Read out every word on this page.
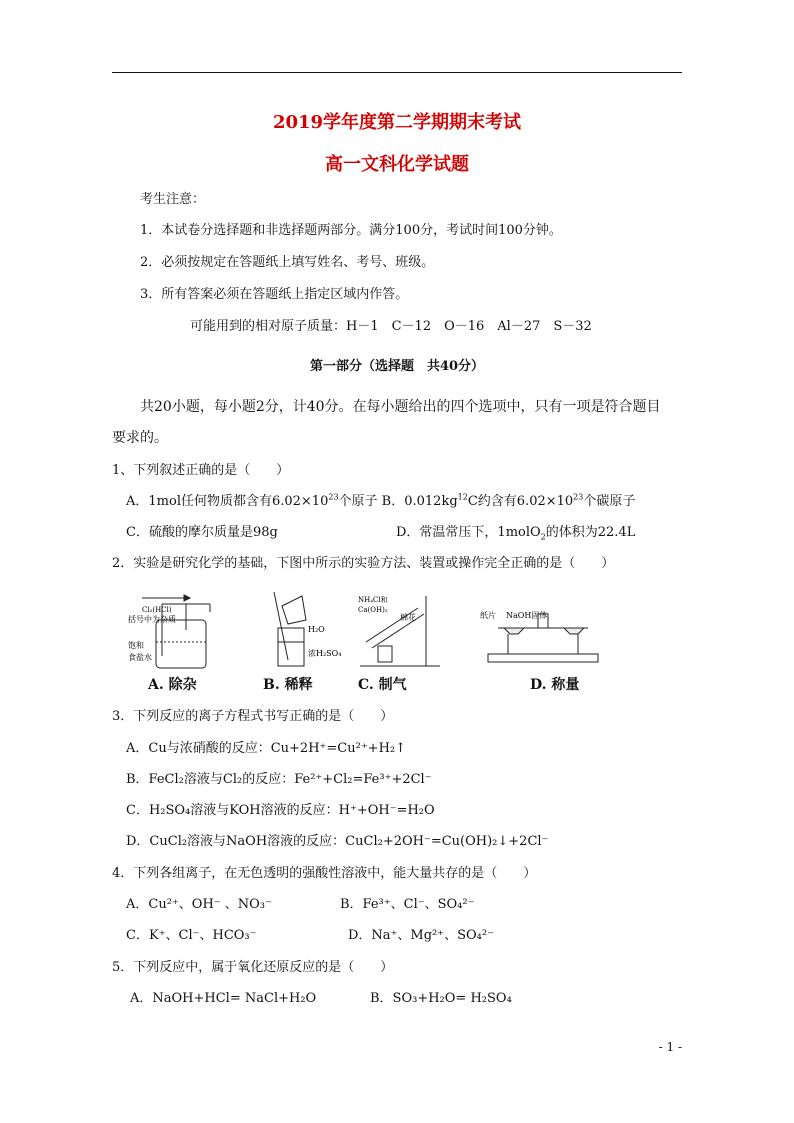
2019学年度第二学期期末考试
高一文科化学试题
考生注意：
1．本试卷分选择题和非选择题两部分。满分100分，考试时间100分钟。
2．必须按规定在答题纸上填写姓名、考号、班级。
3．所有答案必须在答题纸上指定区域内作答。
可能用到的相对原子质量：H－1　C－12　O－16　Al－27　S－32
第一部分（选择题　共40分）
共20小题，每小题2分，计40分。在每小题给出的四个选项中，只有一项是符合题目
要求的。
1、下列叙述正确的是（　　）
A．1mol任何物质都含有$6.02\times 10^{23}$个原子 B．$0.012kg^{12}C$约含有$6.02\times 10^{23}$个碳原子
C．硫酸的摩尔质量是98g	D．常温常压下，1molO$_2$的体积为22.4L
2．实验是研究化学的基础，下图中所示的实验方法、装置或操作完全正确的是（　　）
Cl₂(HCl)
括号中为杂质
饱和
食盐水
H₂O
浓H₂SO₄
NH₄Cl和
Ca(OH)₂
棉花	纸片 NaOH固体
A. 除杂	B. 稀释	C. 制气	D. 称量
3．下列反应的离子方程式书写正确的是（　　）
A．Cu与浓硝酸的反应：Cu+2H⁺=Cu²⁺+H₂↑
B．FeCl₂溶液与Cl₂的反应：Fe²⁺+Cl₂=Fe³⁺+2Cl⁻
C．H₂SO₄溶液与KOH溶液的反应：H⁺+OH⁻=H₂O
D．CuCl₂溶液与NaOH溶液的反应：CuCl₂+2OH⁻=Cu(OH)₂↓+2Cl⁻
4．下列各组离子，在无色透明的强酸性溶液中，能大量共存的是（　　）
A．Cu²⁺、OH⁻ 、NO₃⁻	B．Fe³⁺、Cl⁻、SO₄²⁻
C．K⁺、Cl⁻、HCO₃⁻	D．Na⁺、Mg²⁺、SO₄²⁻
5．下列反应中，属于氧化还原反应的是（　　）
A．NaOH+HCl= NaCl+H₂O	B．SO₃+H₂O= H₂SO₄
- 1 -
